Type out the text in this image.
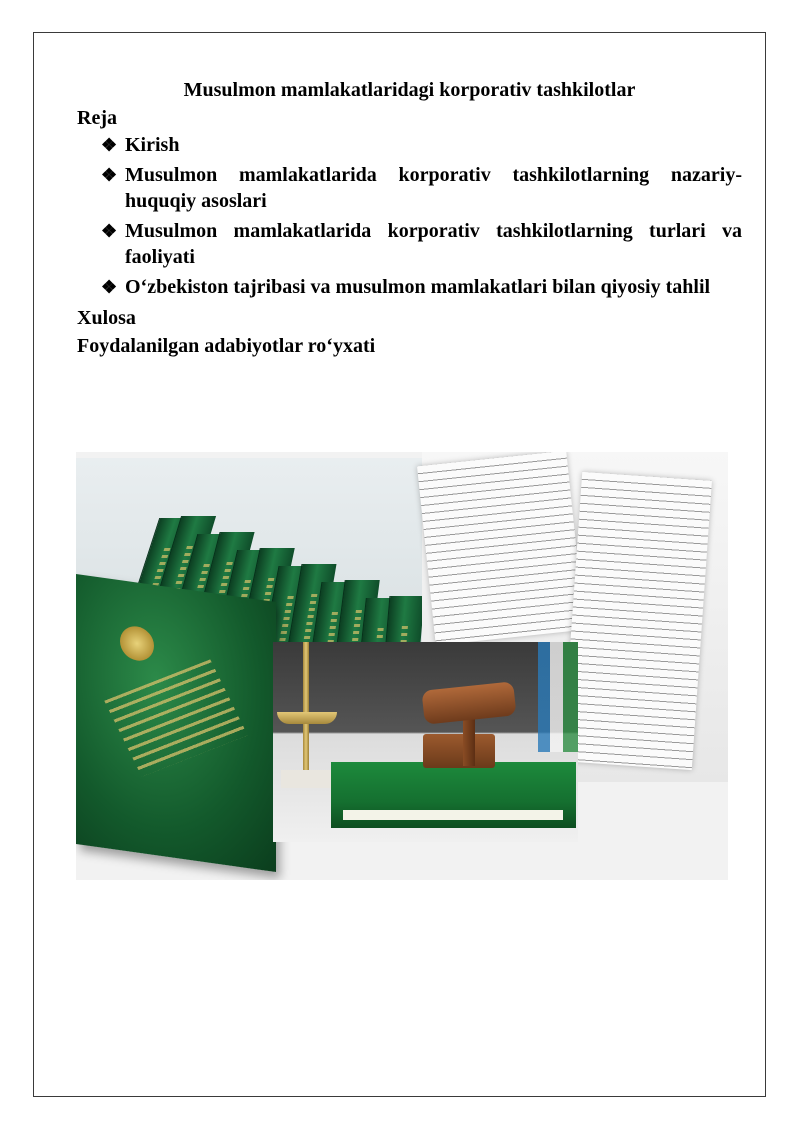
Musulmon mamlakatlaridagi korporativ tashkilotlar

Reja

❖ Kirish
❖ Musulmon mamlakatlarida korporativ tashkilotlarning nazariy-huquqiy asoslari
❖ Musulmon mamlakatlarida korporativ tashkilotlarning turlari va faoliyati
❖ O‘zbekiston tajribasi va musulmon mamlakatlari bilan qiyosiy tahlil

Xulosa

Foydalanilgan adabiyotlar ro‘yxati
